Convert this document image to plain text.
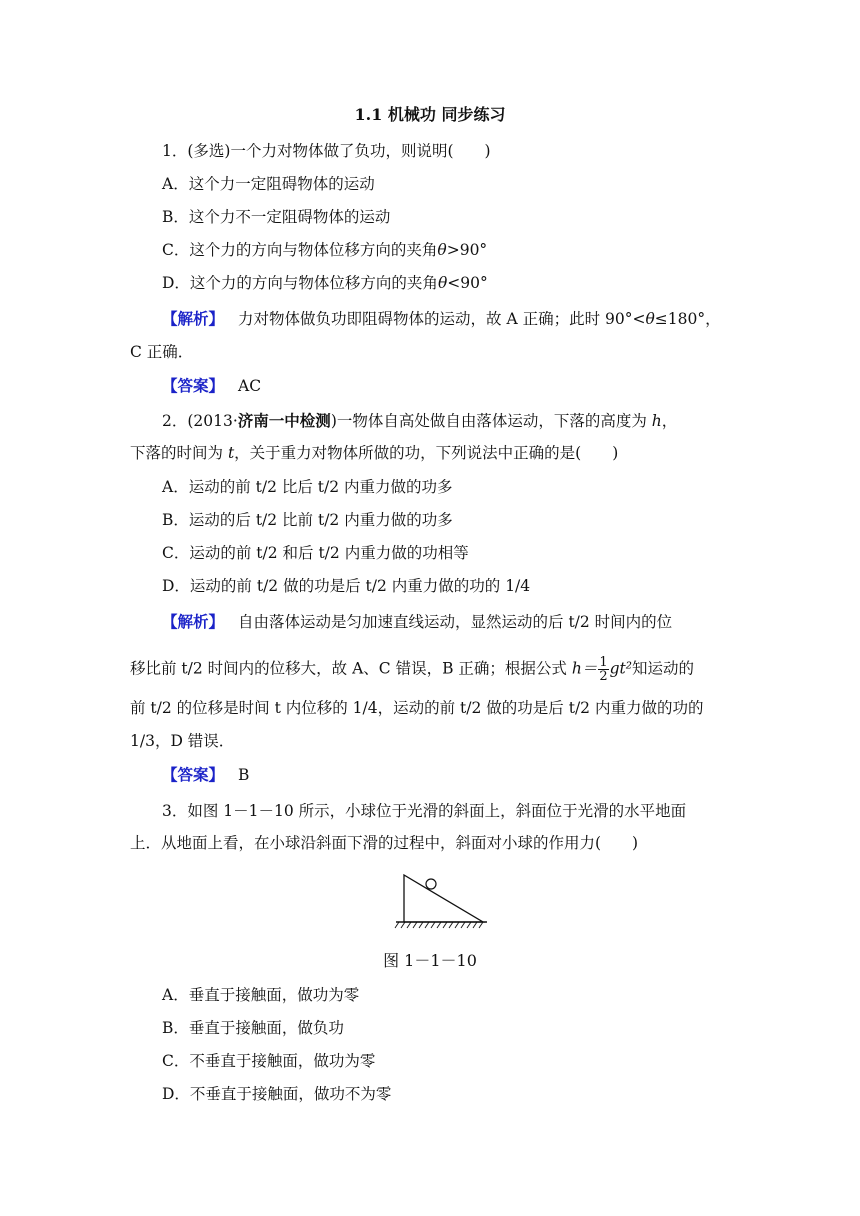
1.1 机械功 同步练习
1．(多选)一个力对物体做了负功，则说明(　　)
A．这个力一定阻碍物体的运动
B．这个力不一定阻碍物体的运动
C．这个力的方向与物体位移方向的夹角θ>90°
D．这个力的方向与物体位移方向的夹角θ<90°
【解析】 力对物体做负功即阻碍物体的运动，故 A 正确；此时 90°<θ≤180°，
C 正确．
【答案】 AC
2．(2013·济南一中检测)一物体自高处做自由落体运动，下落的高度为 h，
下落的时间为 t，关于重力对物体所做的功，下列说法中正确的是(　　)
A．运动的前 t/2 比后 t/2 内重力做的功多
B．运动的后 t/2 比前 t/2 内重力做的功多
C．运动的前 t/2 和后 t/2 内重力做的功相等
D．运动的前 t/2 做的功是后 t/2 内重力做的功的 1/4
【解析】 自由落体运动是匀加速直线运动，显然运动的后 t/2 时间内的位
移比前 t/2 时间内的位移大，故 A、C 错误，B 正确；根据公式 $h= \frac{1}{2} gt^2$知运动的
前 t/2 的位移是时间 t 内位移的 1/4，运动的前 t/2 做的功是后 t/2 内重力做的功的
1/3，D 错误．
【答案】 B
3．如图 1－1－10 所示，小球位于光滑的斜面上，斜面位于光滑的水平地面
上．从地面上看，在小球沿斜面下滑的过程中，斜面对小球的作用力(　　)
图 1－1－10
A．垂直于接触面，做功为零
B．垂直于接触面，做负功
C．不垂直于接触面，做功为零
D．不垂直于接触面，做功不为零
